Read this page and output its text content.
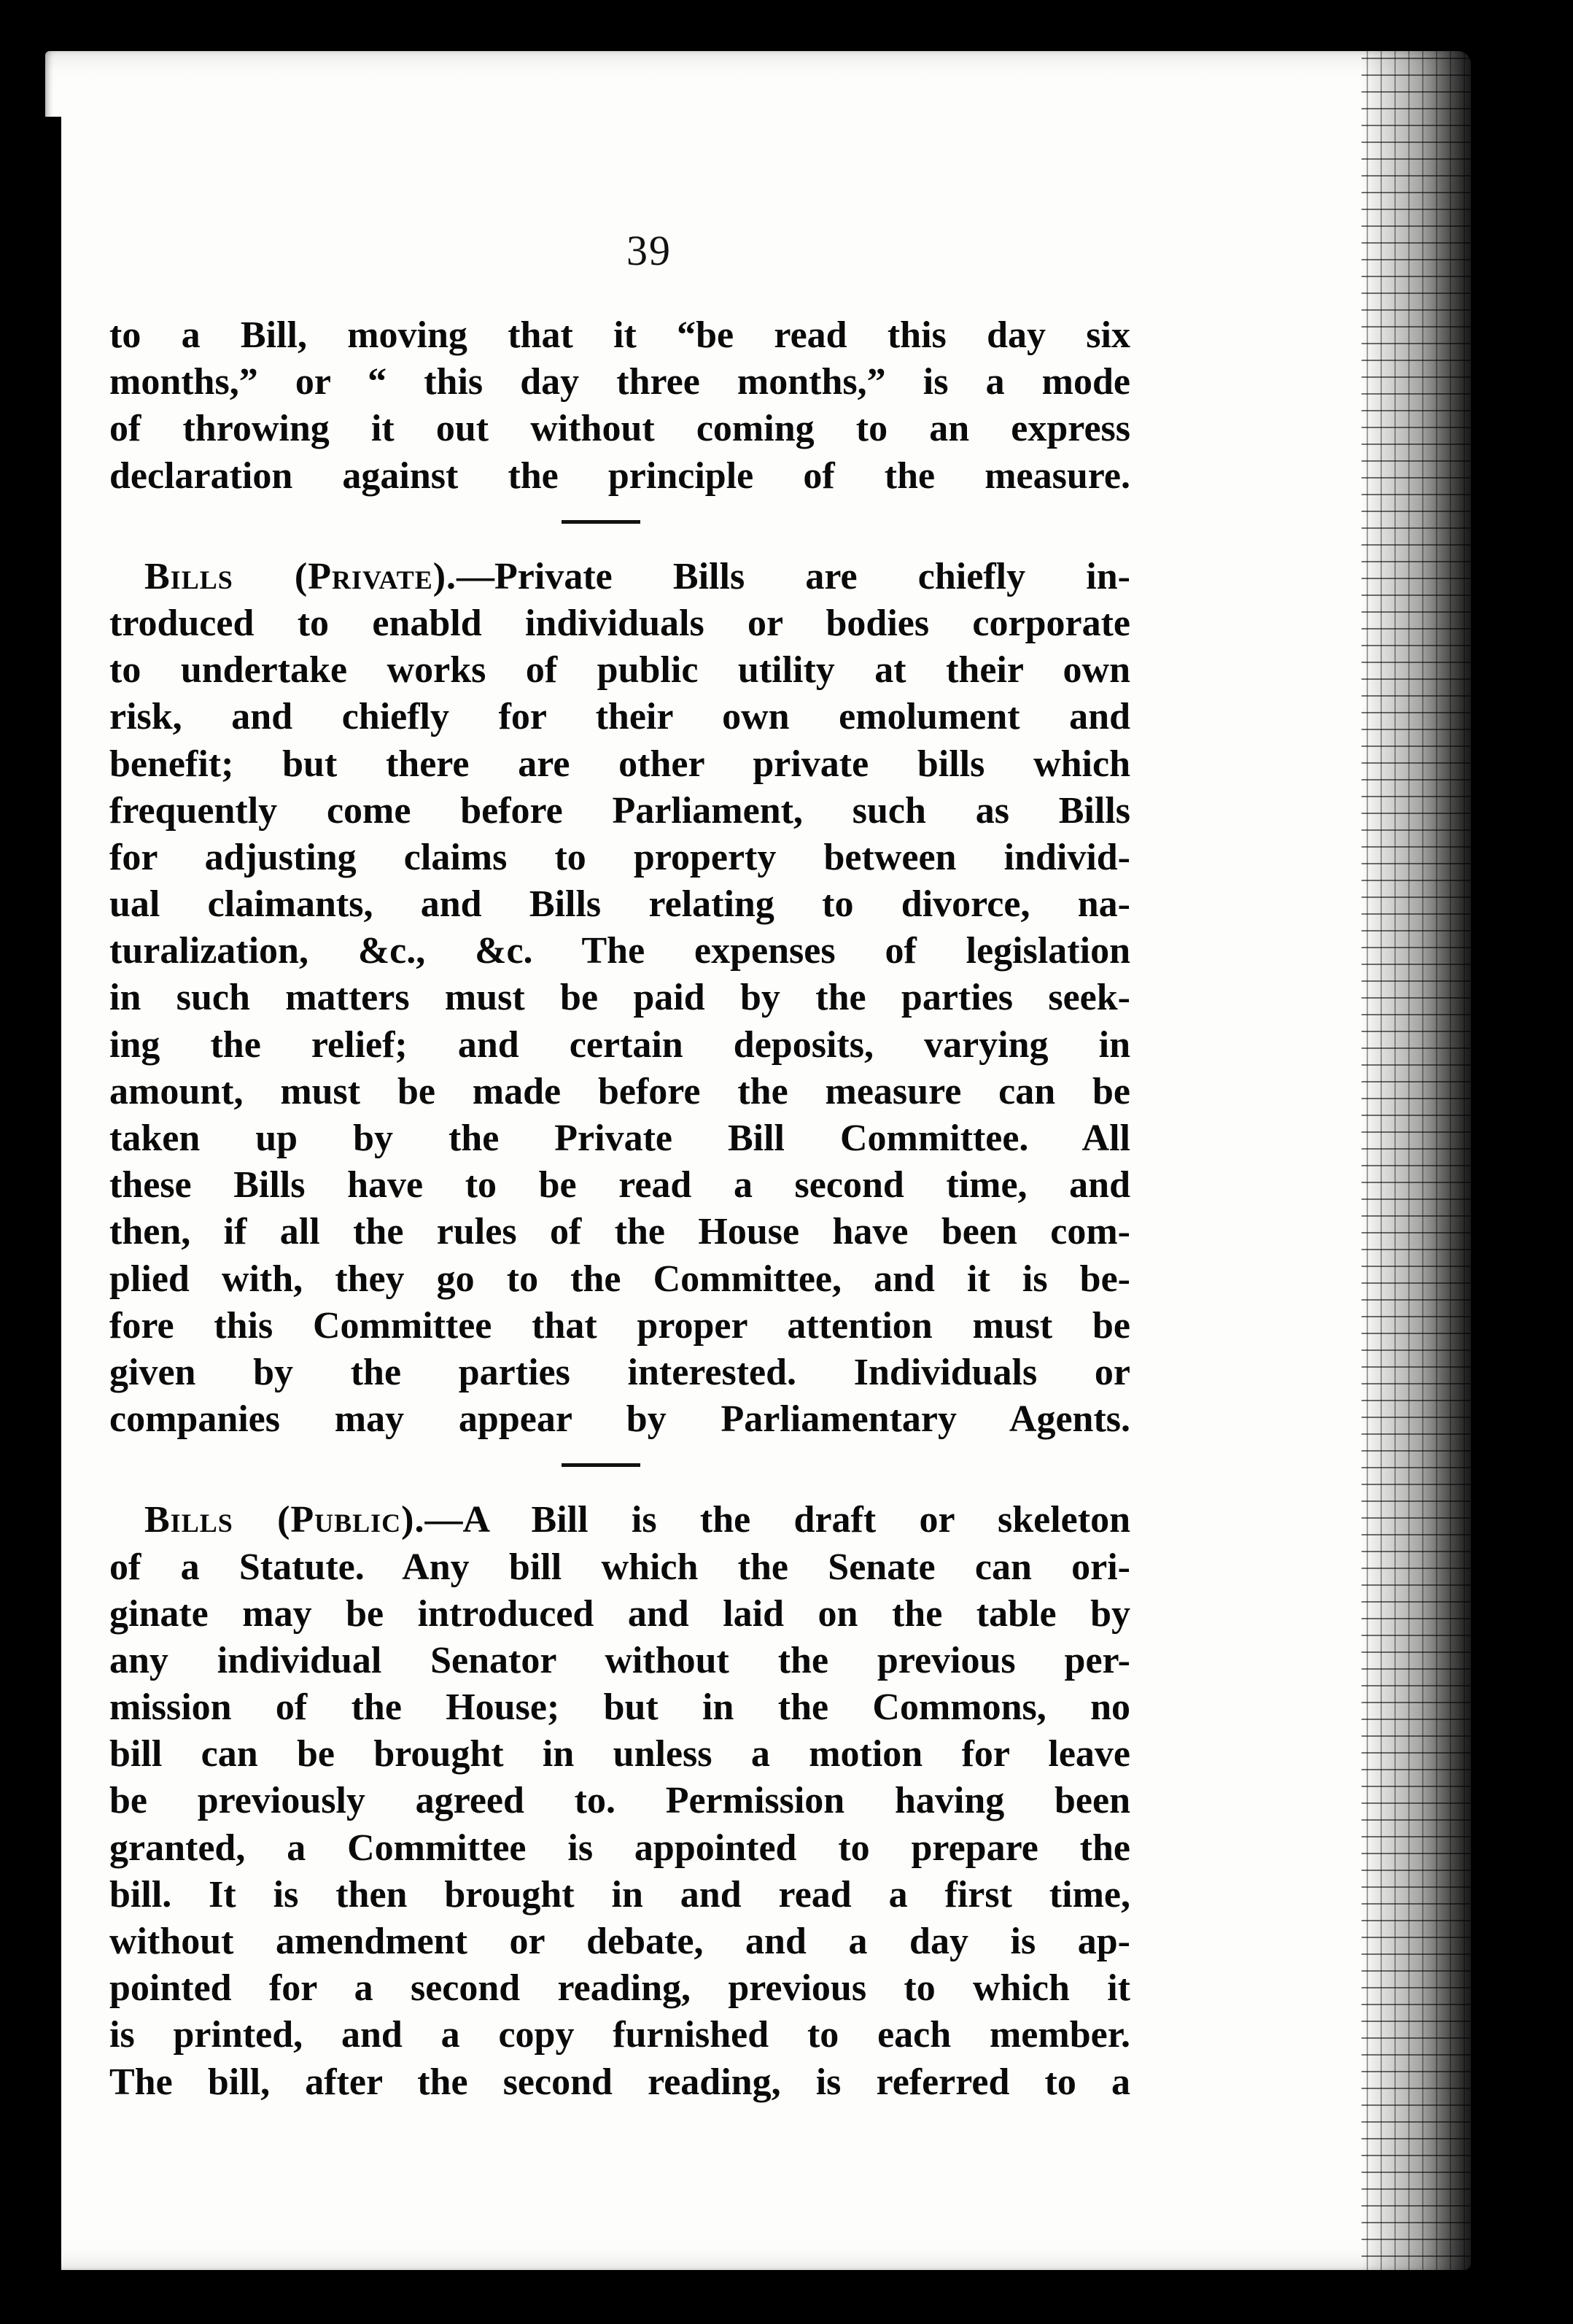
39
to a Bill, moving that it “be read this day six
months,” or “ this day three months,” is a mode
of throwing it out without coming to an express
declaration against the principle of the measure.
Bills (Private).—Private Bills are chiefly in-
troduced to enabld individuals or bodies corporate
to undertake works of public utility at their own
risk, and chiefly for their own emolument and
benefit; but there are other private bills which
frequently come before Parliament, such as Bills
for adjusting claims to property between individ-
ual claimants, and Bills relating to divorce, na-
turalization, &c., &c. The expenses of legislation
in such matters must be paid by the parties seek-
ing the relief; and certain deposits, varying in
amount, must be made before the measure can be
taken up by the Private Bill Committee. All
these Bills have to be read a second time, and
then, if all the rules of the House have been com-
plied with, they go to the Committee, and it is be-
fore this Committee that proper attention must be
given by the parties interested. Individuals or
companies may appear by Parliamentary Agents.
Bills (Public).—A Bill is the draft or skeleton
of a Statute. Any bill which the Senate can ori-
ginate may be introduced and laid on the table by
any individual Senator without the previous per-
mission of the House; but in the Commons, no
bill can be brought in unless a motion for leave
be previously agreed to. Permission having been
granted, a Committee is appointed to prepare the
bill. It is then brought in and read a first time,
without amendment or debate, and a day is ap-
pointed for a second reading, previous to which it
is printed, and a copy furnished to each member.
The bill, after the second reading, is referred to a
